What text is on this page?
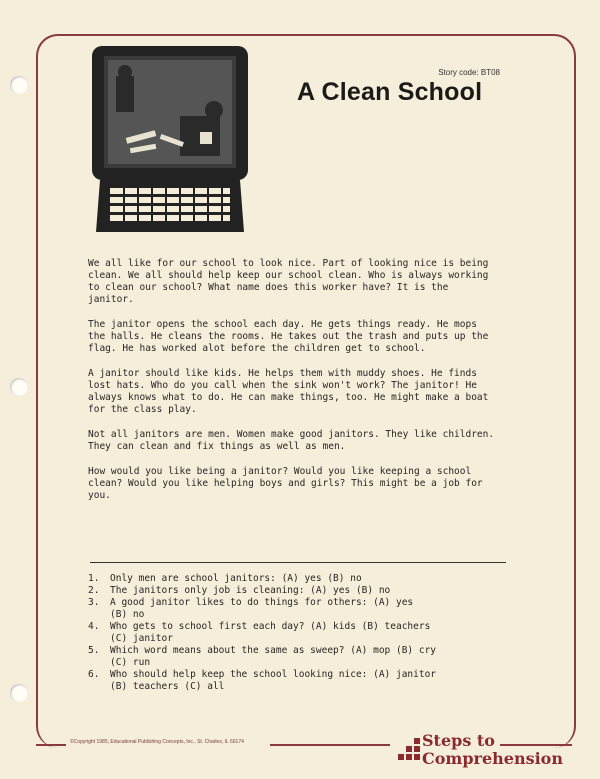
©Copyright 1985, Educational Publishing Concepts, Inc., St. Charles, IL 60174
Story code: BT08
A Clean School

We all like for our school to look nice. Part of looking nice is being
clean. We all should help keep our school clean. Who is always working
to clean our school? What name does this worker have? It is the
janitor.

The janitor opens the school each day. He gets things ready. He mops
the halls. He cleans the rooms. He takes out the trash and puts up the
flag. He has worked alot before the children get to school.

A janitor should like kids. He helps them with muddy shoes. He finds
lost hats. Who do you call when the sink won't work? The janitor! He
always knows what to do. He can make things, too. He might make a boat
for the class play.

Not all janitors are men. Women make good janitors. They like children.
They can clean and fix things as well as men.

How would you like being a janitor? Would you like keeping a school
clean? Would you like helping boys and girls? This might be a job for
you.

1.	Only men are school janitors: (A) yes (B) no
2.	The janitors only job is cleaning: (A) yes (B) no
3.	A good janitor likes to do things for others: (A) yes
(B) no
4.	Who gets to school first each day? (A) kids (B) teachers
(C) janitor
5.	Which word means about the same as sweep? (A) mop (B) cry
(C) run
6.	Who should help keep the school looking nice: (A) janitor
(B) teachers (C) all
Steps to
Comprehension
